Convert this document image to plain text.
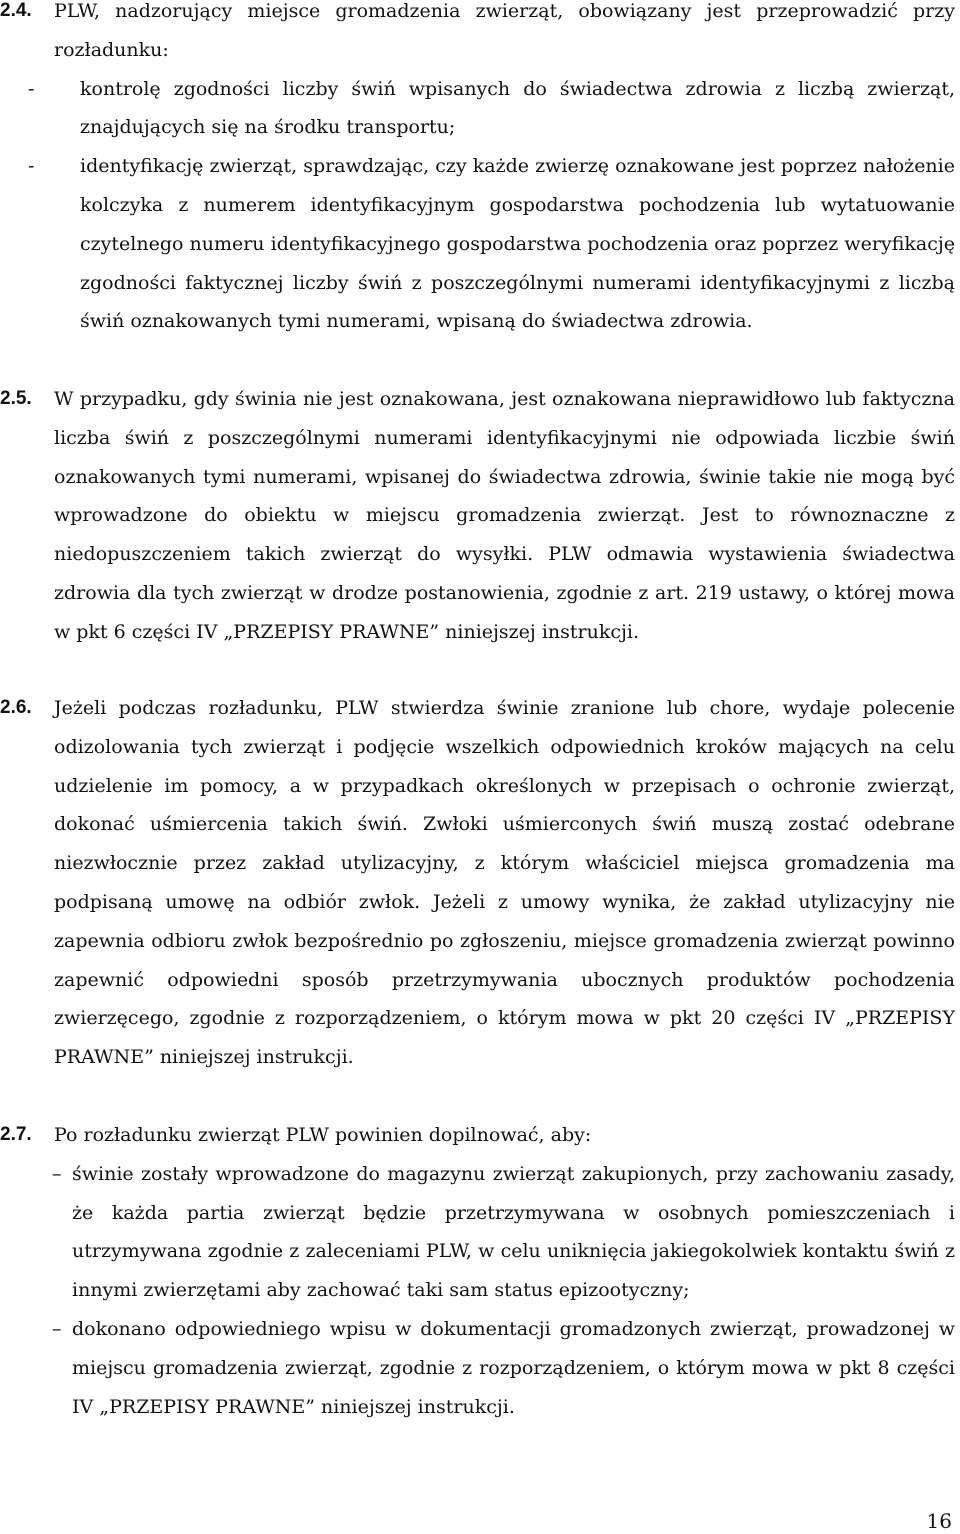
2.4. PLW, nadzorujący miejsce gromadzenia zwierząt, obowiązany jest przeprowadzić przy rozładunku:
- kontrolę zgodności liczby świń wpisanych do świadectwa zdrowia z liczbą zwierząt, znajdujących się na środku transportu;
- identyfikację zwierząt, sprawdzając, czy każde zwierzę oznakowane jest poprzez nałożenie kolczyka z numerem identyfikacyjnym gospodarstwa pochodzenia lub wytatuowanie czytelnego numeru identyfikacyjnego gospodarstwa pochodzenia oraz poprzez weryfikację zgodności faktycznej liczby świń z poszczególnymi numerami identyfikacyjnymi z liczbą świń oznakowanych tymi numerami, wpisaną do świadectwa zdrowia.
2.5. W przypadku, gdy świnia nie jest oznakowana, jest oznakowana nieprawidłowo lub faktyczna liczba świń z poszczególnymi numerami identyfikacyjnymi nie odpowiada liczbie świń oznakowanych tymi numerami, wpisanej do świadectwa zdrowia, świnie takie nie mogą być wprowadzone do obiektu w miejscu gromadzenia zwierząt. Jest to równoznaczne z niedopuszczeniem takich zwierząt do wysyłki. PLW odmawia wystawienia świadectwa zdrowia dla tych zwierząt w drodze postanowienia, zgodnie z art. 219 ustawy, o której mowa w pkt 6 części IV „PRZEPISY PRAWNE” niniejszej instrukcji.
2.6. Jeżeli podczas rozładunku, PLW stwierdza świnie zranione lub chore, wydaje polecenie odizolowania tych zwierząt i podjęcie wszelkich odpowiednich kroków mających na celu udzielenie im pomocy, a w przypadkach określonych w przepisach o ochronie zwierząt, dokonać uśmiercenia takich świń. Zwłoki uśmierconych świń muszą zostać odebrane niezwłocznie przez zakład utylizacyjny, z którym właściciel miejsca gromadzenia ma podpisaną umowę na odbiór zwłok. Jeżeli z umowy wynika, że zakład utylizacyjny nie zapewnia odbioru zwłok bezpośrednio po zgłoszeniu, miejsce gromadzenia zwierząt powinno zapewnić odpowiedni sposób przetrzymywania ubocznych produktów pochodzenia zwierzęcego, zgodnie z rozporządzeniem, o którym mowa w pkt 20 części IV „PRZEPISY PRAWNE” niniejszej instrukcji.
2.7. Po rozładunku zwierząt PLW powinien dopilnować, aby:
– świnie zostały wprowadzone do magazynu zwierząt zakupionych, przy zachowaniu zasady, że każda partia zwierząt będzie przetrzymywana w osobnych pomieszczeniach i utrzymywana zgodnie z zaleceniami PLW, w celu uniknięcia jakiegokolwiek kontaktu świń z innymi zwierzętami aby zachować taki sam status epizootyczny;
– dokonano odpowiedniego wpisu w dokumentacji gromadzonych zwierząt, prowadzonej w miejscu gromadzenia zwierząt, zgodnie z rozporządzeniem, o którym mowa w pkt 8 części IV „PRZEPISY PRAWNE” niniejszej instrukcji.
16
